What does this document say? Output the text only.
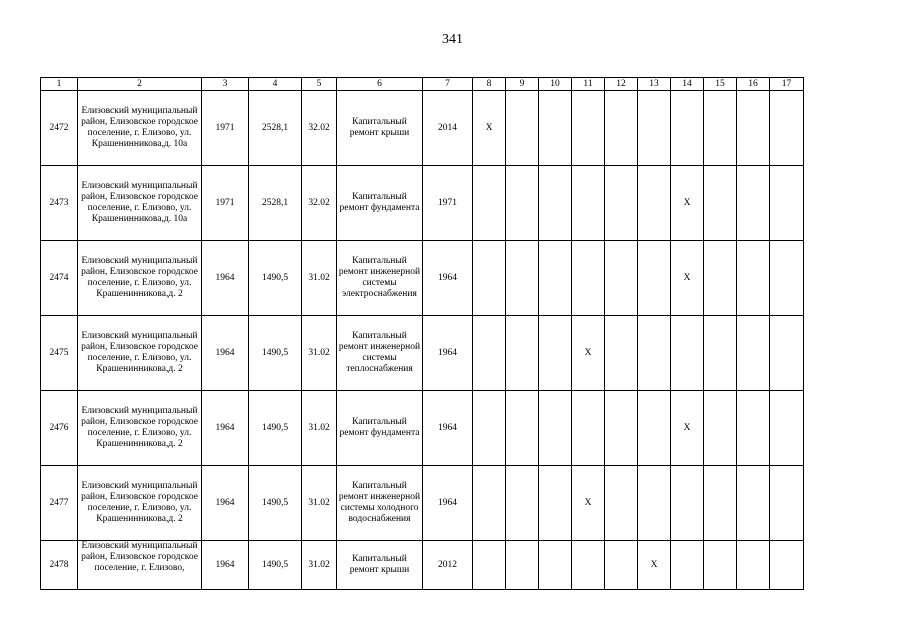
341
1	2	3	4	5	6	7	8	9	10	11	12	13	14	15	16	17	
2472	Елизовский муниципальный район, Елизовское городское поселение, г. Елизово, ул. Крашенинникова,д. 10а	1971	2528,1	32.02	Капитальный ремонт крыши	2014	X										
2473	Елизовский муниципальный район, Елизовское городское поселение, г. Елизово, ул. Крашенинникова,д. 10а	1971	2528,1	32.02	Капитальный ремонт фундамента	1971							X				
2474	Елизовский муниципальный район, Елизовское городское поселение, г. Елизово, ул. Крашенинникова,д. 2	1964	1490,5	31.02	Капитальный ремонт инженерной системы электроснабжения	1964							X				
2475	Елизовский муниципальный район, Елизовское городское поселение, г. Елизово, ул. Крашенинникова,д. 2	1964	1490,5	31.02	Капитальный ремонт инженерной системы теплоснабжения	1964				X							
2476	Елизовский муниципальный район, Елизовское городское поселение, г. Елизово, ул. Крашенинникова,д. 2	1964	1490,5	31.02	Капитальный ремонт фундамента	1964							X				
2477	Елизовский муниципальный район, Елизовское городское поселение, г. Елизово, ул. Крашенинникова,д. 2	1964	1490,5	31.02	Капитальный ремонт инженерной системы холодного водоснабжения	1964				X							
2478	Елизовский муниципальный район, Елизовское городское поселение, г. Елизово,	1964	1490,5	31.02	Капитальный ремонт крыши	2012						X					
